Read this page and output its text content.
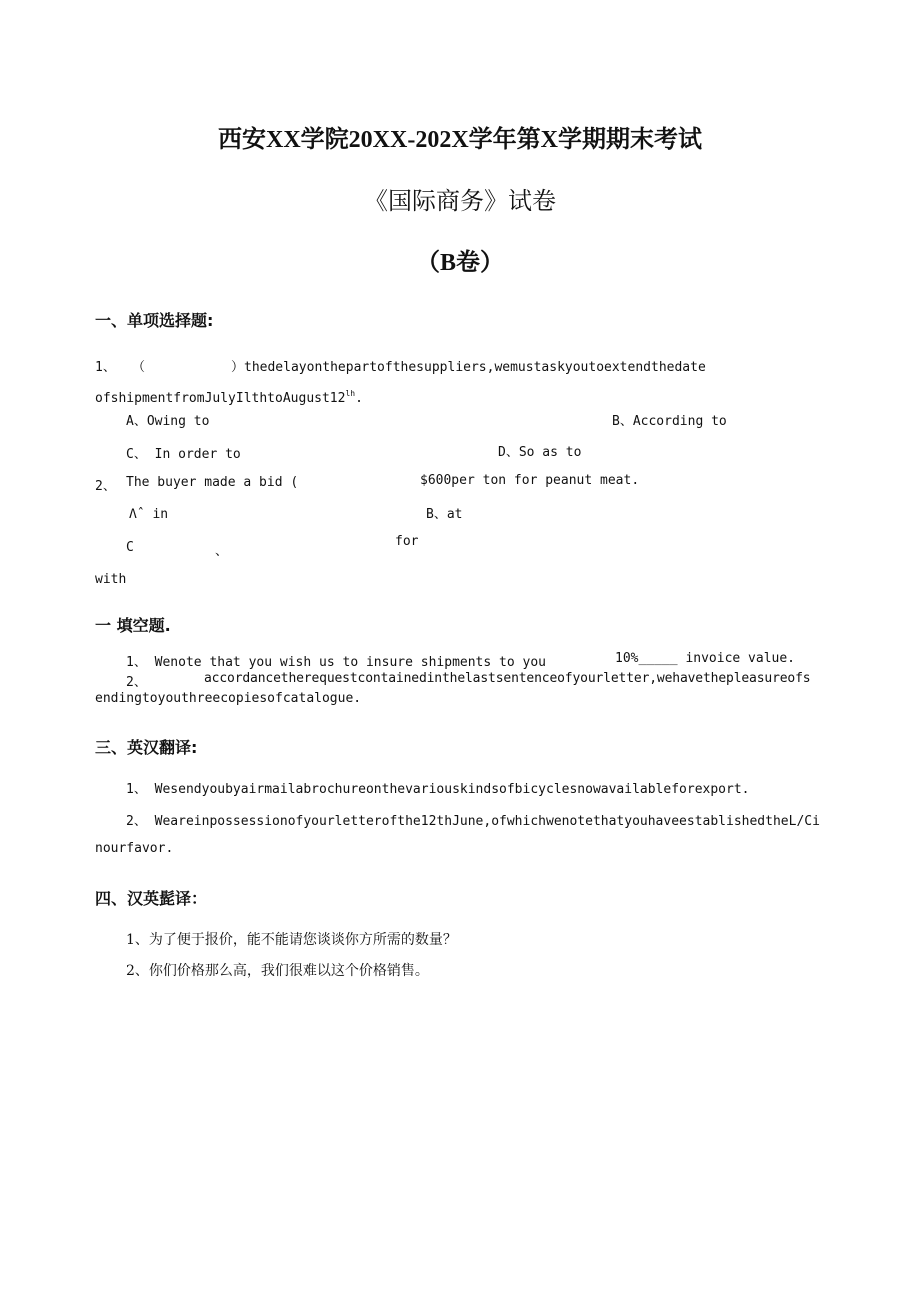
西安XX学院20XX-202X学年第X学期期末考试
《国际商务》试卷
（B卷）
一、单项选择题:
1、 （	）thedelayonthepartofthesuppliers,wemustaskyoutoextendthedate
$ofshipmentfromJulyIlthtoAugust12^{lh}$.
A、Owing to	B、According to
C、 In order to	D、So as to
2、 The buyer made a bid (	$600per ton for peanut meat.
Λˆ in	B、at
C	、
for
with
一 填空题.
1、 Wenote that you wish us to insure shipments to you	10%_____ invoice value.
2、	accordancetherequestcontainedinthelastsentenceofyourletter,wehavethepleasureofs
endingtoyouthreecopiesofcatalogue.
三、英汉翻译:
1、 Wesendyoubyairmailabrochureonthevariouskindsofbicyclesnowavailableforexport.
2、 Weareinpossessionofyourletterofthe12thJune,ofwhichwenotethatyouhaveestablishedtheL/Ci
nourfavor.
四、汉英髭译：
1、为了便于报价，能不能请您谈谈你方所需的数量？
2、你们价格那么高，我们很难以这个价格销售。
